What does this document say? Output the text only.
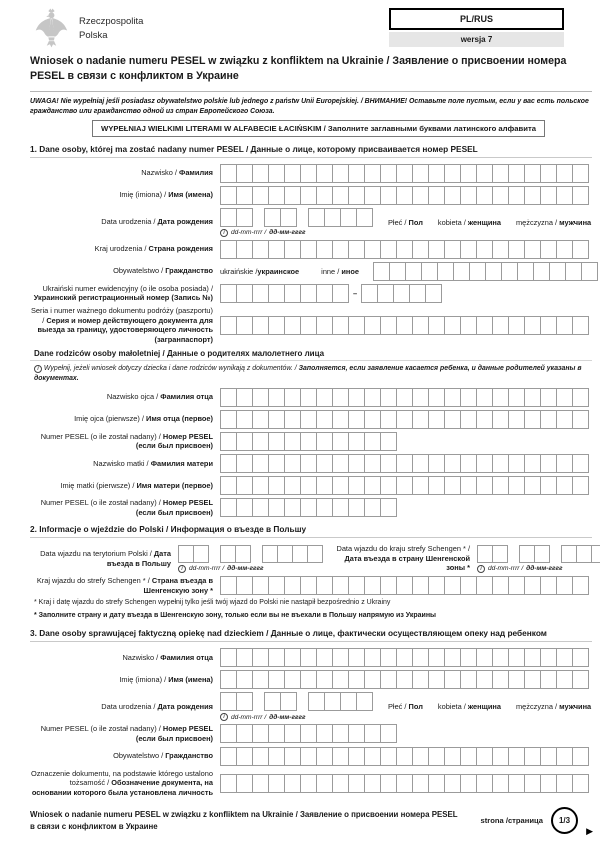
Rzeczpospolita
Polska
PL/RUS
wersja 7
Wniosek o nadanie numeru PESEL w związku z konfliktem na Ukrainie / Заявление о присвоении номера PESEL в связи с конфликтом в Украине
UWAGA! Nie wypełniaj jeśli posiadasz obywatelstwo polskie lub jednego z państw Unii Europejskiej. / ВНИМАНИЕ! Оставьте поле пустым, если у вас есть польское гражданство или гражданство одной из стран Европейского Союза.
WYPEŁNIAJ WIELKIMI LITERAMI W ALFABECIE ŁACIŃSKIM / Заполните заглавными буквами латинского алфавита
1. Dane osoby, której ma zostać nadany numer PESEL / Данные о лице, которому присваивается номер PESEL
Nazwisko / Фамилия
Imię (imiona) / Имя (имена)
Data urodzenia / Дата рождения
i dd-mm-rrrr / дд-мм-гггг
Płeć / Пол kobieta / женщина mężczyzna / мужчина
Kraj urodzenia / Страна рождения
Obywatelstwo / Гражданство ukraińskie /украинское	inne / иное
Ukraiński numer ewidencyjny (o ile osoba posiada) / Украинский регистрационный номер (Запись №)	–
Seria i numer ważnego dokumentu podróży (paszportu) / Серия и номер действующего документа для выезда за границу, удостоверяющего личность (загранпаспорт)
Dane rodziców osoby małoletniej / Данные о родителях малолетнего лица
i Wypełnij, jeżeli wniosek dotyczy dziecka i dane rodziców wynikają z dokumentów. / Заполняется, если заявление касается ребенка, и данные родителей указаны в документах.
Nazwisko ojca / Фамилия отца
Imię ojca (pierwsze) / Имя отца (первое)
Numer PESEL (o ile został nadany) / Номер PESEL (если был присвоен)
Nazwisko matki / Фамилия матери
Imię matki (pierwsze) / Имя матери (первое)
Numer PESEL (o ile został nadany) / Номер PESEL (если был присвоен)
2. Informacje o wjeździe do Polski / Информация о въезде в Польшу
Data wjazdu na terytorium Polski / Дата въезда в Польшу
i dd-mm-rrrr / дд-мм-гггг
Data wjazdu do kraju strefy Schengen * / Дата въезда в страну Шенгенской зоны *	i dd-mm-rrrr / дд-мм-гггг
Kraj wjazdu do strefy Schengen * / Страна въезда в Шенгенскую зону *
* Kraj i datę wjazdu do strefy Schengen wypełnij tylko jeśli twój wjazd do Polski nie nastąpił bezpośrednio z Ukrainy
* Заполните страну и дату въезда в Шенгенскую зону, только если вы не въехали в Польшу напрямую из Украины
3. Dane osoby sprawującej faktyczną opiekę nad dzieckiem / Данные о лице, фактически осуществляющем опеку над ребенком
Nazwisko / Фамилия отца
Imię (imiona) / Имя (имена)
Data urodzenia / Дата рождения
i dd-mm-rrrr / дд-мм-гггг
Płeć / Пол kobieta / женщина mężczyzna / мужчина
Numer PESEL (o ile został nadany) / Номер PESEL (если был присвоен)
Obywatelstwo / Гражданство
Oznaczenie dokumentu, na podstawie którego ustalono tożsamość / Обозначение документа, на основании которого была установлена личность
Wniosek o nadanie numeru PESEL w związku z konfliktem na Ukrainie / Заявление о присвоении номера PESEL в связи с конфликтом в Украине
strona /страница	1/3
▶
